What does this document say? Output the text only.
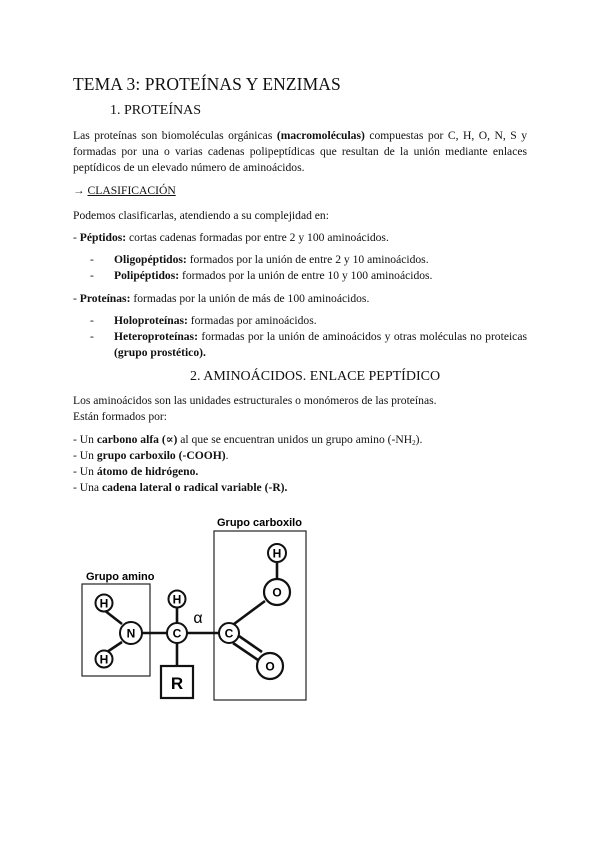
TEMA 3: PROTEÍNAS Y ENZIMAS
1. PROTEÍNAS
Las proteínas son biomoléculas orgánicas (macromoléculas) compuestas por C, H, O, N, S y formadas por una o varias cadenas polipeptídicas que resultan de la unión mediante enlaces peptídicos de un elevado número de aminoácidos.
→ CLASIFICACIÓN
Podemos clasificarlas, atendiendo a su complejidad en:
- Péptidos: cortas cadenas formadas por entre 2 y 100 aminoácidos.
- Oligopéptidos: formados por la unión de entre 2 y 10 aminoácidos.
- Polipéptidos: formados por la unión de entre 10 y 100 aminoácidos.
- Proteínas: formadas por la unión de más de 100 aminoácidos.
- Holoproteínas: formadas por aminoácidos.
- Heteroproteínas: formadas por la unión de aminoácidos y otras moléculas no proteicas (grupo prostético).
2. AMINOÁCIDOS. ENLACE PEPTÍDICO
Los aminoácidos son las unidades estructurales o monómeros de las proteínas.
Están formados por:
- Un carbono alfa (∝) al que se encuentran unidos un grupo amino $(-NH_2)$.
- Un grupo carboxilo (-COOH).
- Un átomo de hidrógeno.
- Una cadena lateral o radical variable (-R).
Grupo carboxilo
Grupo amino
H
H
N
H
C
α
R
C
H
O
O
